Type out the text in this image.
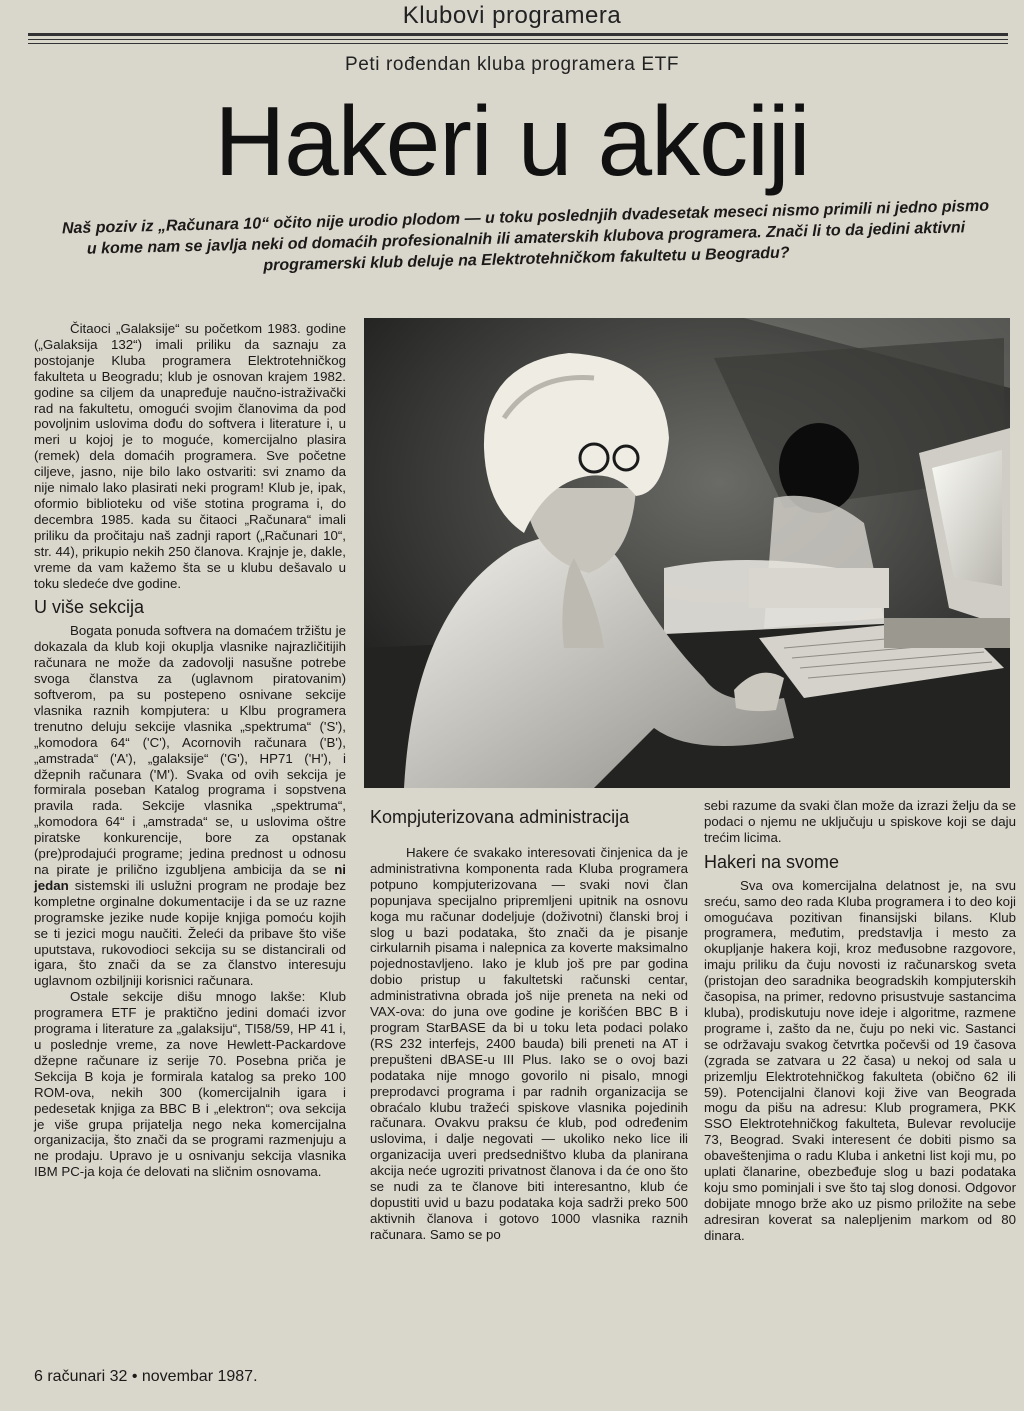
Klubovi programera
Peti rođendan kluba programera ETF
Hakeri u akciji
Naš poziv iz „Računara 10“ očito nije urodio plodom — u toku poslednjih dvadesetak meseci nismo primili ni jedno pismo u kome nam se javlja neki od domaćih profesionalnih ili amaterskih klubova programera. Znači li to da jedini aktivni programerski klub deluje na Elektrotehničkom fakultetu u Beogradu?

Čitaoci „Galaksije“ su početkom 1983. godine („Galaksija 132“) imali priliku da saznaju za postojanje Kluba programera Elektrotehničkog fakulteta u Beogradu; klub je osnovan krajem 1982. godine sa ciljem da unapređuje naučno-istraživački rad na fakultetu, omogući svojim članovima da pod povoljnim uslovima dođu do softvera i literature i, u meri u kojoj je to moguće, komercijalno plasira (remek) dela domaćih programera. Sve početne ciljeve, jasno, nije bilo lako ostvariti: svi znamo da nije nimalo lako plasirati neki program! Klub je, ipak, oformio biblioteku od više stotina programa i, do decembra 1985. kada su čitaoci „Računara“ imali priliku da pročitaju naš zadnji raport („Računari 10“, str. 44), prikupio nekih 250 članova. Krajnje je, dakle, vreme da vam kažemo šta se u klubu dešavalo u toku sledeće dve godine.

U više sekcija

Bogata ponuda softvera na domaćem tržištu je dokazala da klub koji okuplja vlasnike najrazličitijih računara ne može da zadovolji nasušne potrebe svoga članstva za (uglavnom piratovanim) softverom, pa su postepeno osnivane sekcije vlasnika raznih kompjutera: u Klbu programera trenutno deluju sekcije vlasnika „spektruma“ ('S'), „komodora 64“ ('C'), Acornovih računara ('B'), „amstrada“ ('A'), „galaksije“ ('G'), HP71 ('H'), i džepnih računara ('M'). Svaka od ovih sekcija je formirala poseban Katalog programa i sopstvena pravila rada. Sekcije vlasnika „spektruma“, „komodora 64“ i „amstrada“ se, u uslovima oštre piratske konkurencije, bore za opstanak (pre)prodajući programe; jedina prednost u odnosu na pirate je prilično izgubljena ambicija da se ni jedan sistemski ili uslužni program ne prodaje bez kompletne orginalne dokumentacije i da se uz razne programske jezike nude kopije knjiga pomoću kojih se ti jezici mogu naučiti. Želeći da pribave što više uputstava, rukovodioci sekcija su se distancirali od igara, što znači da se za članstvo interesuju uglavnom ozbiljniji korisnici računara.

Ostale sekcije dišu mnogo lakše: Klub programera ETF je praktično jedini domaći izvor programa i literature za „galaksiju“, TI58/59, HP 41 i, u poslednje vreme, za nove Hewlett-Packardove džepne računare iz serije 70. Posebna priča je Sekcija B koja je formirala katalog sa preko 100 ROM-ova, nekih 300 (komercijalnih igara i pedesetak knjiga za BBC B i „elektron“; ova sekcija je više grupa prijatelja nego neka komercijalna organizacija, što znači da se programi razmenjuju a ne prodaju. Upravo je u osnivanju sekcija vlasnika IBM PC-ja koja će delovati na sličnim osnovama.

Kompjuterizovana administracija

Hakere će svakako interesovati činjenica da je administrativna komponenta rada Kluba programera potpuno kompjuterizovana — svaki novi član popunjava specijalno pripremljeni upitnik na osnovu koga mu računar dodeljuje (doživotni) članski broj i slog u bazi podataka, što znači da je pisanje cirkularnih pisama i nalepnica za koverte maksimalno pojednostavljeno. Iako je klub još pre par godina dobio pristup u fakultetski računski centar, administrativna obrada još nije preneta na neki od VAX-ova: do juna ove godine je korišćen BBC B i program StarBASE da bi u toku leta podaci polako (RS 232 interfejs, 2400 bauda) bili preneti na AT i prepušteni dBASE-u III Plus. Iako se o ovoj bazi podataka nije mnogo govorilo ni pisalo, mnogi preprodavci programa i par radnih organizacija se obraćalo klubu tražeći spiskove vlasnika pojedinih računara. Ovakvu praksu će klub, pod određenim uslovima, i dalje negovati — ukoliko neko lice ili organizacija uveri predsedništvo kluba da planirana akcija neće ugroziti privatnost članova i da će ono što se nudi za te članove biti interesantno, klub će dopustiti uvid u bazu podataka koja sadrži preko 500 aktivnih članova i gotovo 1000 vlasnika raznih računara. Samo se po

sebi razume da svaki član može da izrazi želju da se podaci o njemu ne uključuju u spiskove koji se daju trećim licima.

Hakeri na svome

Sva ova komercijalna delatnost je, na svu sreću, samo deo rada Kluba programera i to deo koji omogućava pozitivan finansijski bilans. Klub programera, međutim, predstavlja i mesto za okupljanje hakera koji, kroz međusobne razgovore, imaju priliku da čuju novosti iz računarskog sveta (pristojan deo saradnika beogradskih kompjuterskih časopisa, na primer, redovno prisustvuje sastancima kluba), prodiskutuju nove ideje i algoritme, razmene programe i, zašto da ne, čuju po neki vic. Sastanci se održavaju svakog četvrtka počevši od 19 časova (zgrada se zatvara u 22 časa) u nekoj od sala u prizemlju Elektrotehničkog fakulteta (obično 62 ili 59). Potencijalni članovi koji žive van Beograda mogu da pišu na adresu: Klub programera, PKK SSO Elektrotehničkog fakulteta, Bulevar revolucije 73, Beograd. Svaki interesent će dobiti pismo sa obaveštenjima o radu Kluba i anketni list koji mu, po uplati članarine, obezbeđuje slog u bazi podataka koju smo pominjali i sve što taj slog donosi. Odgovor dobijate mnogo brže ako uz pismo priložite na sebe adresiran koverat sa nalepljenim markom od 80 dinara.

6 računari 32 • novembar 1987.
